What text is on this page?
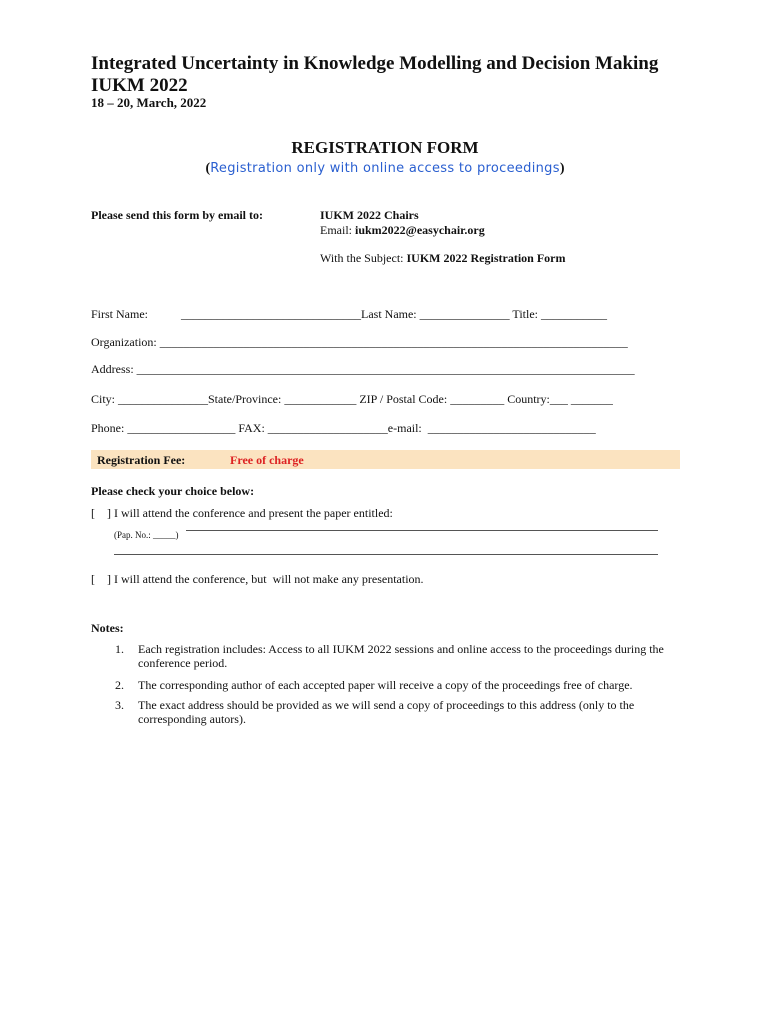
Integrated Uncertainty in Knowledge Modelling and Decision Making
IUKM 2022
18 – 20, March, 2022
REGISTRATION FORM
(Registration only with online access to proceedings)
Please send this form by email to:	IUKM 2022 Chairs
Email: iukm2022@easychair.org
With the Subject: IUKM 2022 Registration Form
First Name:           ______________________________Last Name: _______________ Title: ___________
Organization: ______________________________________________________________________________
Address: ___________________________________________________________________________________
City: _______________State/Province: ____________ ZIP / Postal Code: _________ Country:___ _______
Phone: __________________ FAX: ____________________e-mail:  ____________________________
Registration Fee:	Free of charge
Please check your choice below:
[    ] I will attend the conference and present the paper entitled:
(Pap. No.: _____)
[    ] I will attend the conference, but  will not make any presentation.
Notes:
1. Each registration includes: Access to all IUKM 2022 sessions and online access to the proceedings during the conference period.
2. The corresponding author of each accepted paper will receive a copy of the proceedings free of charge.
3. The exact address should be provided as we will send a copy of proceedings to this address (only to the corresponding autors).
